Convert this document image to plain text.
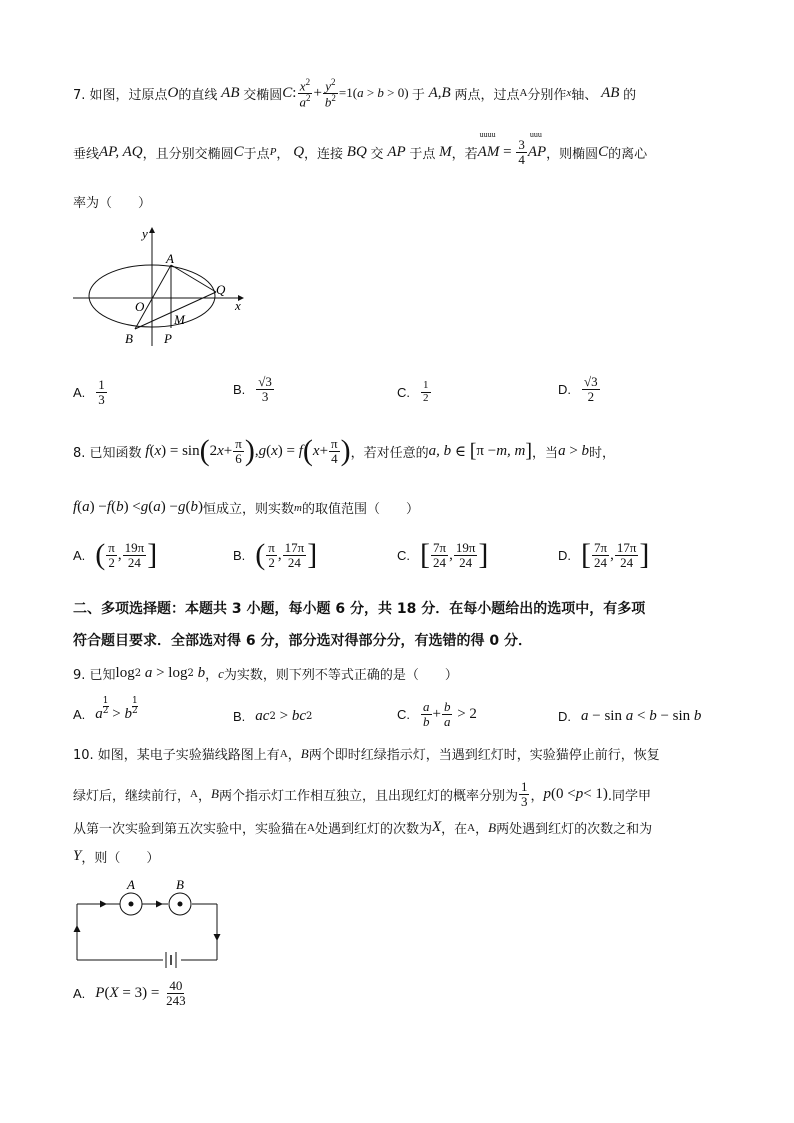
7. 如图，过原点 O 的直线 AB 交椭圆 C : $\frac{x^2}{a^2} + \frac{y^2}{b^2} =1(a > b > 0)$ 于 A,B 两点，过点 A 分别作 x 轴、 AB 的
垂线 AP, AQ ，且分别交椭圆 C 于点 P ， Q ，连接 BQ 交 AP 于点 M ，若 AM
uuuu
= $\frac{3}{4}$ AP
uuu
，则椭圆 C 的离心
率为（　　）
y
x
A
O
Q
M
B P
A. $\frac{1}{3}$	B. $\frac{√3}{3}$	C. $\frac{1}{2}$	D. $\frac{√3}{2}$
8. 已知函数 f ( x ) = sin ( 2 $x + \frac{\pi}{6}$ ) , g ( x ) = f ( $x + \frac{\pi}{4}$ ) ，若对任意的 a, b ∈ [ π − m, m ] ，当 a > b 时，
f ( a ) − f ( b ) < g ( a ) − g ( b ) 恒成立，则实数 m 的取值范围（　　）
A. ( $\frac{\pi}{2}$ , $\frac{19\pi}{24}$ ]	B. ( $\frac{\pi}{2}$ , $\frac{17\pi}{24}$ ]	C. [ $\frac{7\pi}{24}$ , $\frac{19\pi}{24}$ ]	D. [ $\frac{7\pi}{24}$ , $\frac{17\pi}{24}$ ]
二、多项选择题：本题共 3 小题，每小题 6 分，共 18 分．在每小题给出的选项中，有多项
符合题目要求．全部选对得 6 分，部分选对得部分分，有选错的得 0 分．
9. 已知 log 2 a > log 2 b ， c 为实数，则下列不等式正确的是（　　）
A. a
1
2 > b
1
2	B. ac 2 > bc 2	C. $\frac{a}{b} + \frac{b}{a} > 2$	D. a − sin a < b − sin b
10. 如图，某电子实验猫线路图上有 A ， B 两个即时红绿指示灯，当遇到红灯时，实验猫停止前行，恢复
绿灯后，继续前行， A ， B 两个指示灯工作相互独立，且出现红灯的概率分别为 $\frac{1}{3}$ ， p (0 < p < 1) .同学甲
从第一次实验到第五次实验中，实验猫在 A 处遇到红灯的次数为 X ，在 A ， B 两处遇到红灯的次数之和为
Y ，则（　　）
A	B
A. P ( $X = 3) = \frac{40}{243}$
